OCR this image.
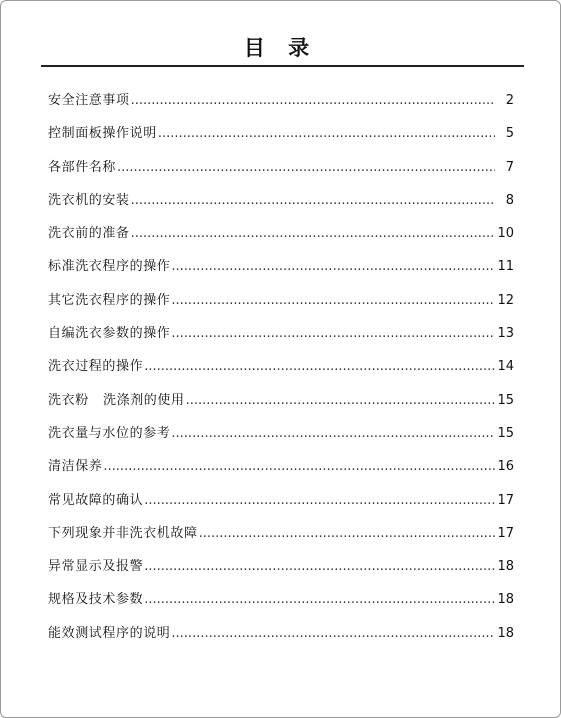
目 录
安全注意事项 .....	2
控制面板操作说明 .....	5
各部件名称 .....	7
洗衣机的安装 .....	8
洗衣前的准备 .....	10
标准洗衣程序的操作 .....	11
其它洗衣程序的操作 .....	12
自编洗衣参数的操作 .....	13
洗衣过程的操作 .....	14
洗衣粉   洗涤剂的使用 .....	15
洗衣量与水位的参考 .....	15
清洁保养 .....	16
常见故障的确认 .....	17
下列现象并非洗衣机故障 .....	17
异常显示及报警 .....	18
规格及技术参数 .....	18
能效测试程序的说明 .....	18
